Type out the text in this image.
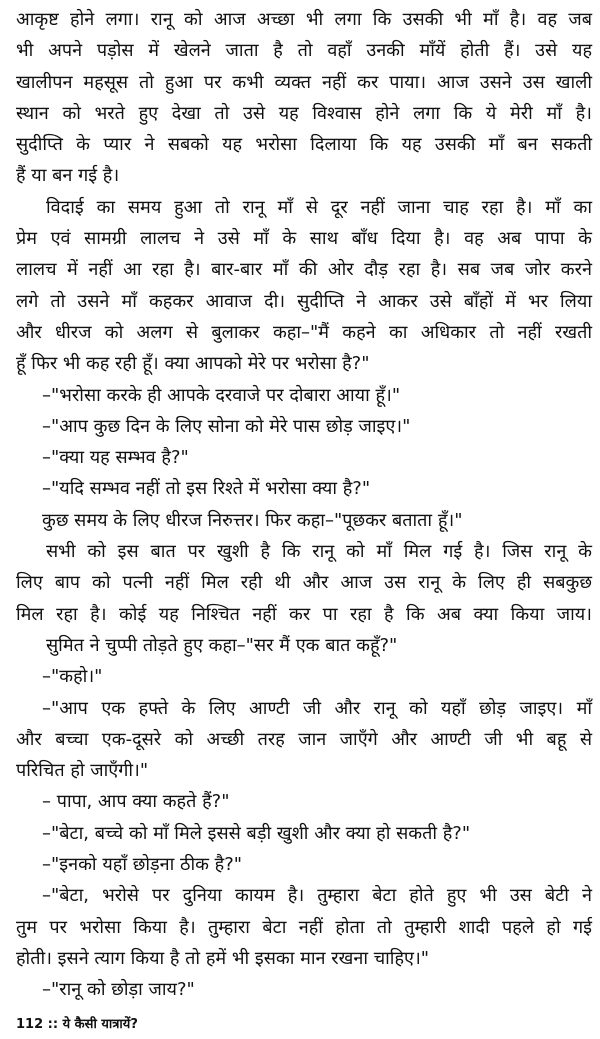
आकृष्ट होने लगा। रानू को आज अच्छा भी लगा कि उसकी भी माँ है। वह जब
भी अपने पड़ोस में खेलने जाता है तो वहाँ उनकी माँयें होती हैं। उसे यह
खालीपन महसूस तो हुआ पर कभी व्यक्त नहीं कर पाया। आज उसने उस खाली
स्थान को भरते हुए देखा तो उसे यह विश्वास होने लगा कि ये मेरी माँ है।
सुदीप्ति के प्यार ने सबको यह भरोसा दिलाया कि यह उसकी माँ बन सकती
हैं या बन गई है।
विदाई का समय हुआ तो रानू माँ से दूर नहीं जाना चाह रहा है। माँ का
प्रेम एवं सामग्री लालच ने उसे माँ के साथ बाँध दिया है। वह अब पापा के
लालच में नहीं आ रहा है। बार-बार माँ की ओर दौड़ रहा है। सब जब जोर करने
लगे तो उसने माँ कहकर आवाज दी। सुदीप्ति ने आकर उसे बाँहों में भर लिया
और धीरज को अलग से बुलाकर कहा–"मैं कहने का अधिकार तो नहीं रखती
हूँ फिर भी कह रही हूँ। क्या आपको मेरे पर भरोसा है?"
–"भरोसा करके ही आपके दरवाजे पर दोबारा आया हूँ।"
–"आप कुछ दिन के लिए सोना को मेरे पास छोड़ जाइए।"
–"क्या यह सम्भव है?"
–"यदि सम्भव नहीं तो इस रिश्ते में भरोसा क्या है?"
कुछ समय के लिए धीरज निरुत्तर। फिर कहा–"पूछकर बताता हूँ।"
सभी को इस बात पर खुशी है कि रानू को माँ मिल गई है। जिस रानू के
लिए बाप को पत्नी नहीं मिल रही थी और आज उस रानू के लिए ही सबकुछ
मिल रहा है। कोई यह निश्चित नहीं कर पा रहा है कि अब क्या किया जाय।
सुमित ने चुप्पी तोड़ते हुए कहा–"सर मैं एक बात कहूँ?"
–"कहो।"
–"आप एक हफ्ते के लिए आण्टी जी और रानू को यहाँ छोड़ जाइए। माँ
और बच्चा एक-दूसरे को अच्छी तरह जान जाएँगे और आण्टी जी भी बहू से
परिचित हो जाएँगी।"
– पापा, आप क्या कहते हैं?"
–"बेटा, बच्चे को माँ मिले इससे बड़ी खुशी और क्या हो सकती है?"
–"इनको यहाँ छोड़ना ठीक है?"
–"बेटा, भरोसे पर दुनिया कायम है। तुम्हारा बेटा होते हुए भी उस बेटी ने
तुम पर भरोसा किया है। तुम्हारा बेटा नहीं होता तो तुम्हारी शादी पहले हो गई
होती। इसने त्याग किया है तो हमें भी इसका मान रखना चाहिए।"
–"रानू को छोड़ा जाय?"
112 :: ये कैसी यात्रायें?
